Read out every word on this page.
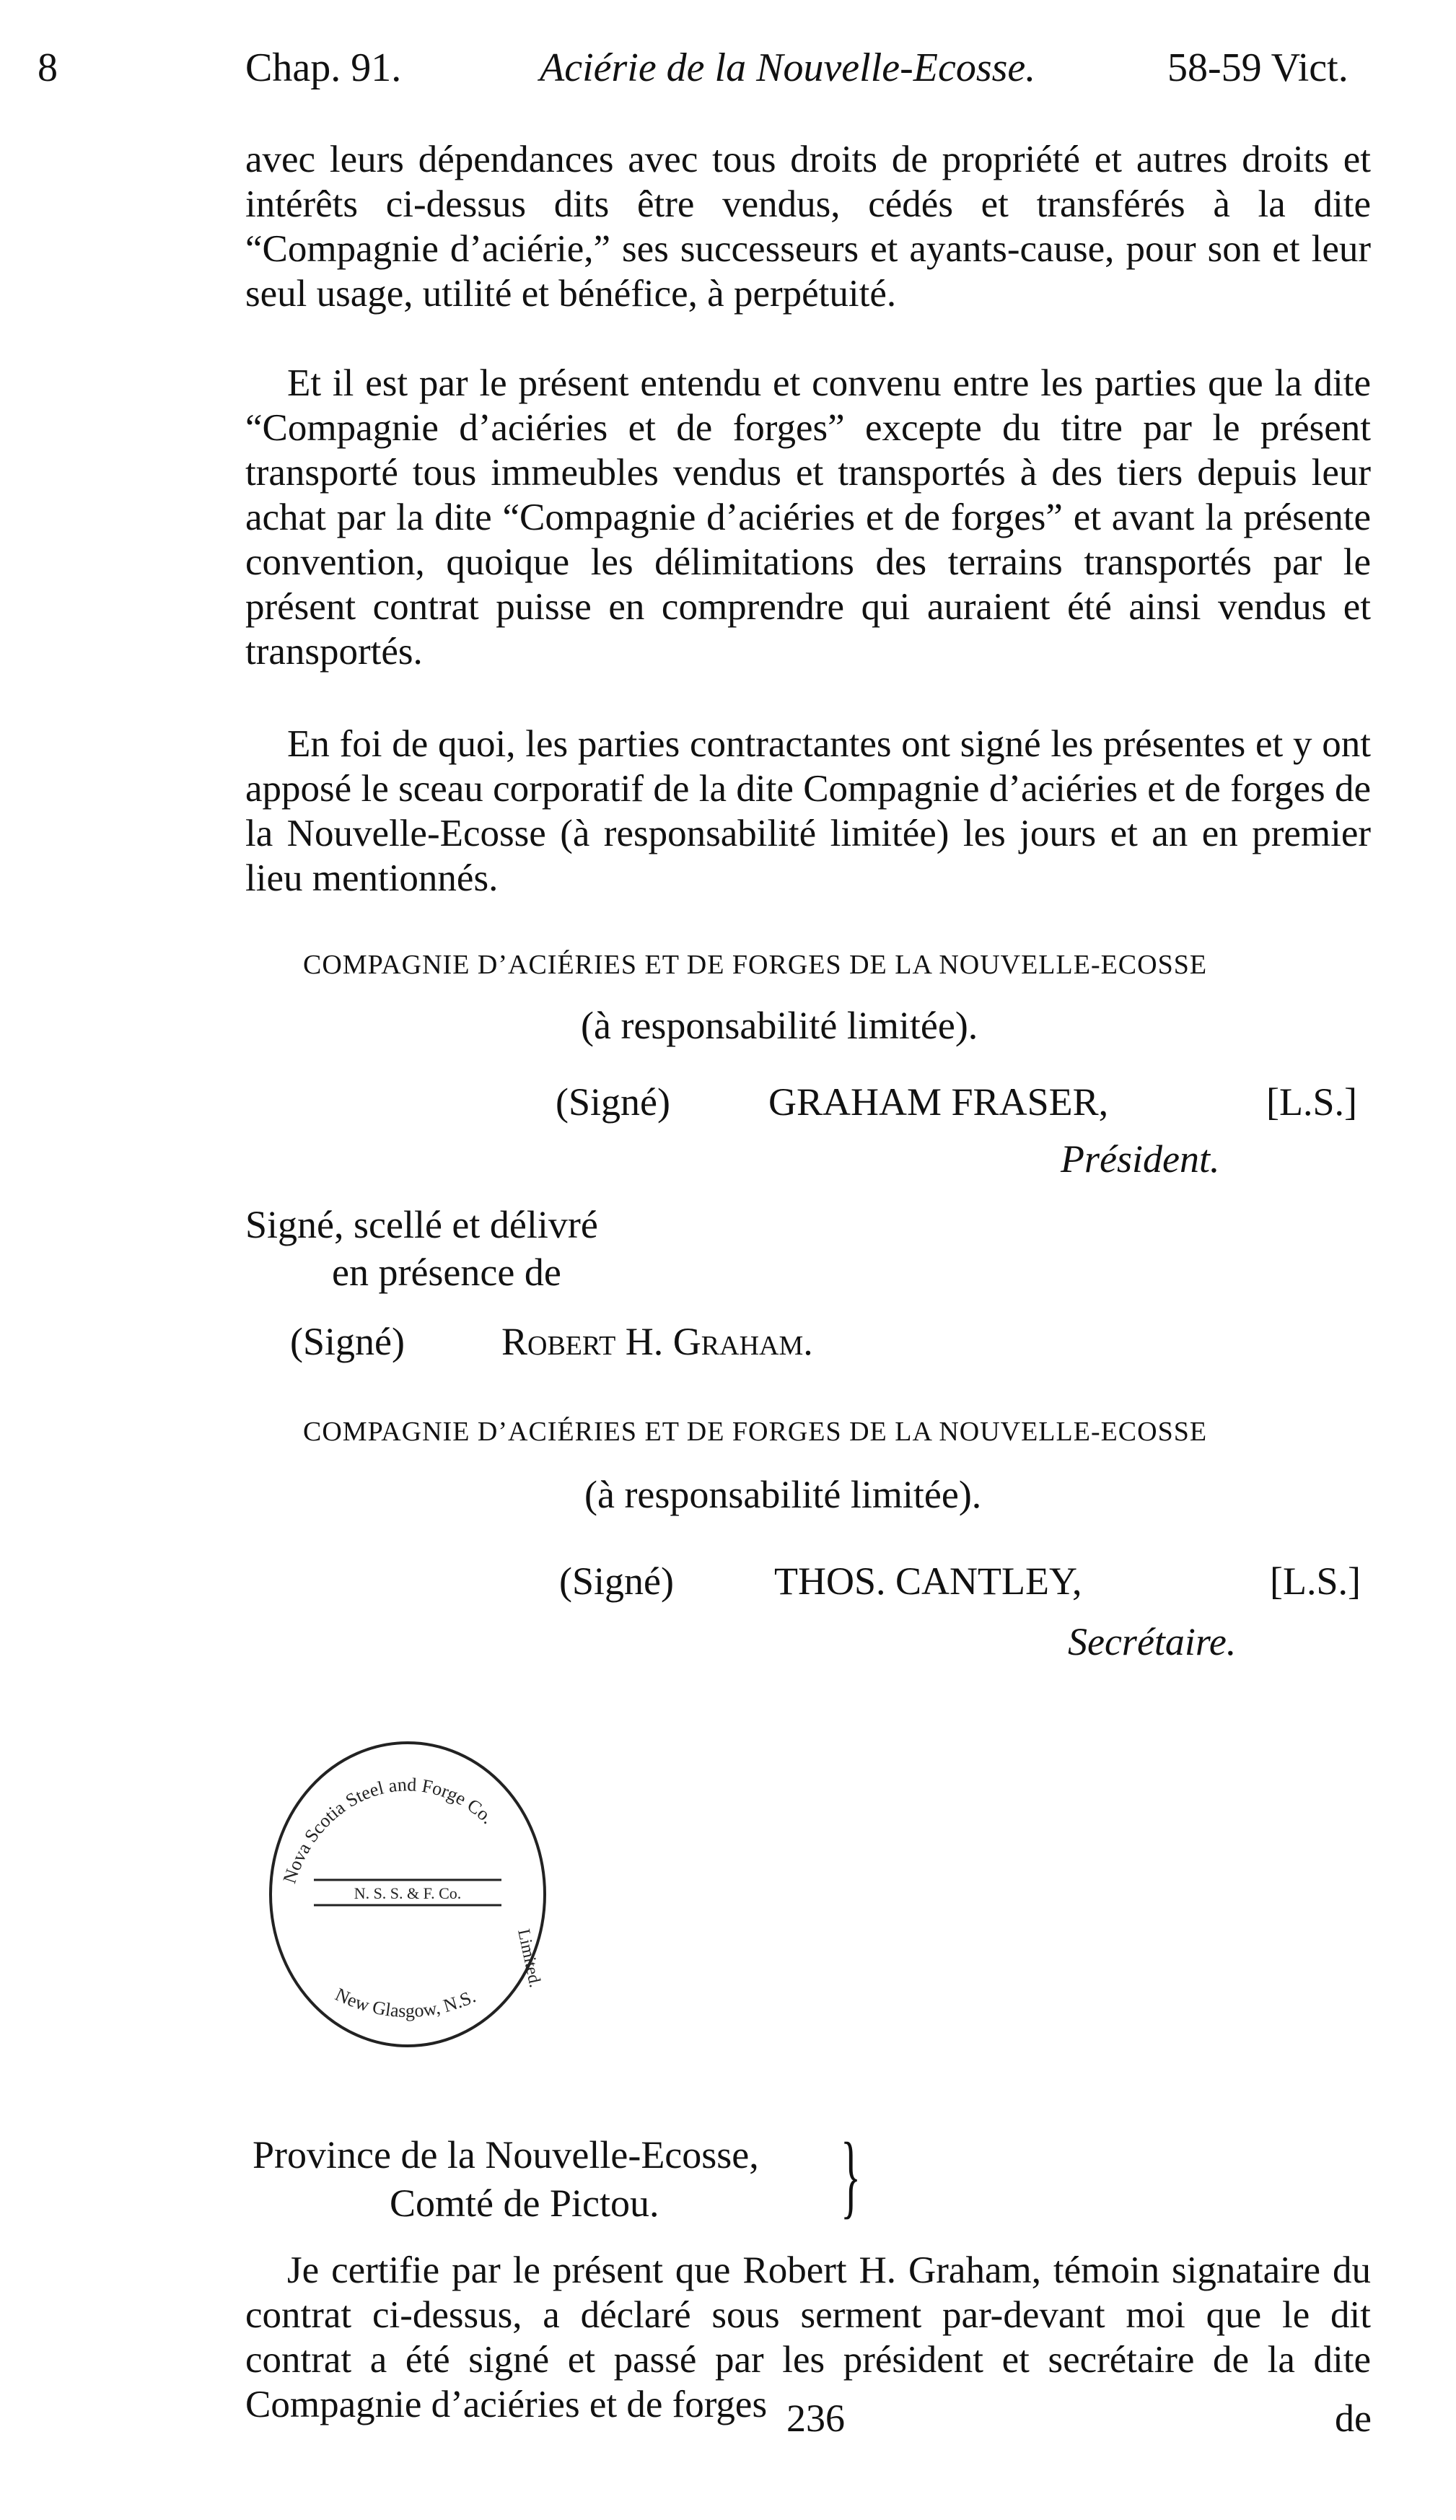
8	Chap. 91.	Aciérie de la Nouvelle-Ecosse.	58-59 Vict.
avec leurs dépendances avec tous droits de propriété et autres droits et intérêts ci-dessus dits être vendus, cédés et transférés à la dite “Compagnie d’aciérie,” ses successeurs et ayants-cause, pour son et leur seul usage, utilité et bénéfice, à perpétuité.
Et il est par le présent entendu et convenu entre les parties que la dite “Compagnie d’aciéries et de forges” excepte du titre par le présent transporté tous immeubles vendus et transportés à des tiers depuis leur achat par la dite “Compagnie d’aciéries et de forges” et avant la présente convention, quoique les délimitations des terrains transportés par le présent contrat puisse en comprendre qui auraient été ainsi vendus et transportés.
En foi de quoi, les parties contractantes ont signé les présentes et y ont apposé le sceau corporatif de la dite Compagnie d’aciéries et de forges de la Nouvelle-Ecosse (à responsabilité limitée) les jours et an en premier lieu mentionnés.
COMPAGNIE D’ACIÉRIES ET DE FORGES DE LA NOUVELLE-ECOSSE
(à responsabilité limitée).
(Signé)	GRAHAM FRASER,	[L.S.]
Président.
Signé, scellé et délivré
en présence de
(Signé) Robert H. Graham.
COMPAGNIE D’ACIÉRIES ET DE FORGES DE LA NOUVELLE-ECOSSE
(à responsabilité limitée).
(Signé)	THOS. CANTLEY,	[L.S.]
Secrétaire.
Nova Scotia Steel and Forge Co.
N. S. S. & F. Co.
Limited.
New Glasgow, N.S.
Province de la Nouvelle-Ecosse,
Comté de Pictou. }
Je certifie par le présent que Robert H. Graham, témoin signataire du contrat ci-dessus, a déclaré sous serment par-devant moi que le dit contrat a été signé et passé par les président et secrétaire de la dite Compagnie d’aciéries et de forges 236	de
